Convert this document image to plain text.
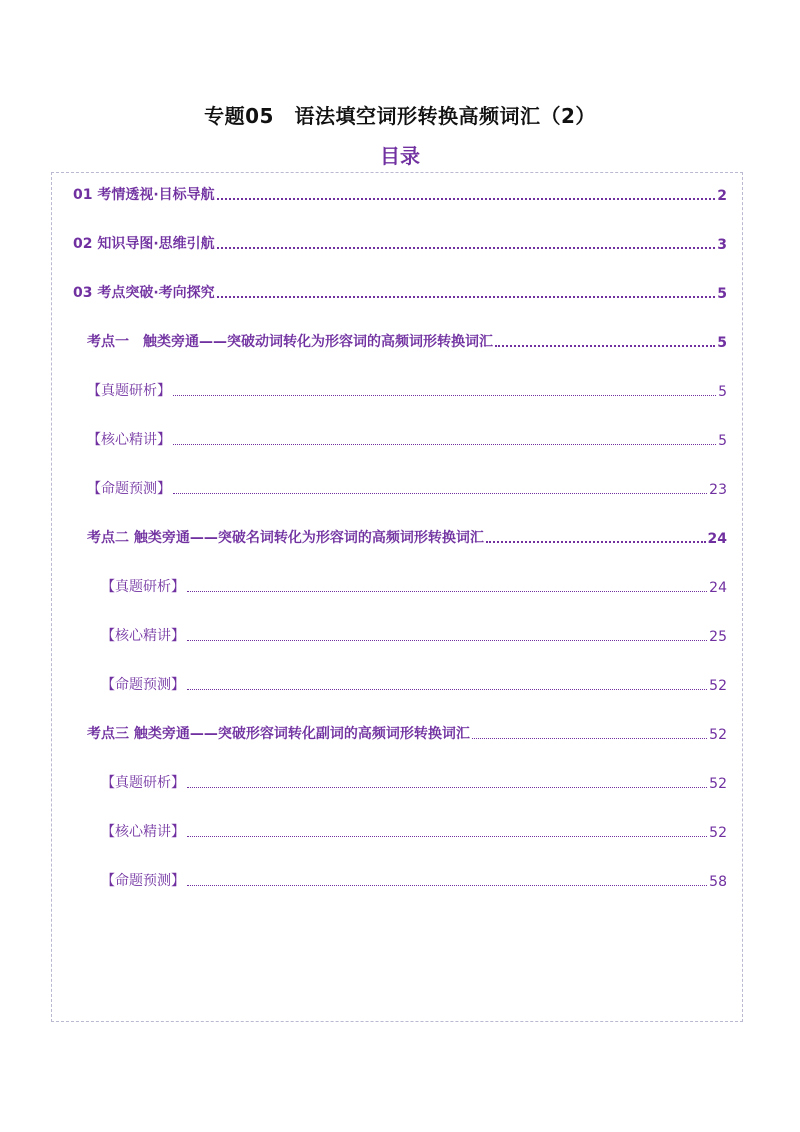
专题05　语法填空词形转换高频词汇（2）
目录
01 考情透视·目标导航	2
02 知识导图·思维引航	3
03 考点突破·考向探究	5
考点一　触类旁通——突破动词转化为形容词的高频词形转换词汇	5
【真题研析】	5
【核心精讲】	5
【命题预测】	23
考点二 触类旁通——突破名词转化为形容词的高频词形转换词汇	24
【真题研析】	24
【核心精讲】	25
【命题预测】	52
考点三 触类旁通——突破形容词转化副词的高频词形转换词汇	52
【真题研析】	52
【核心精讲】	52
【命题预测】	58
